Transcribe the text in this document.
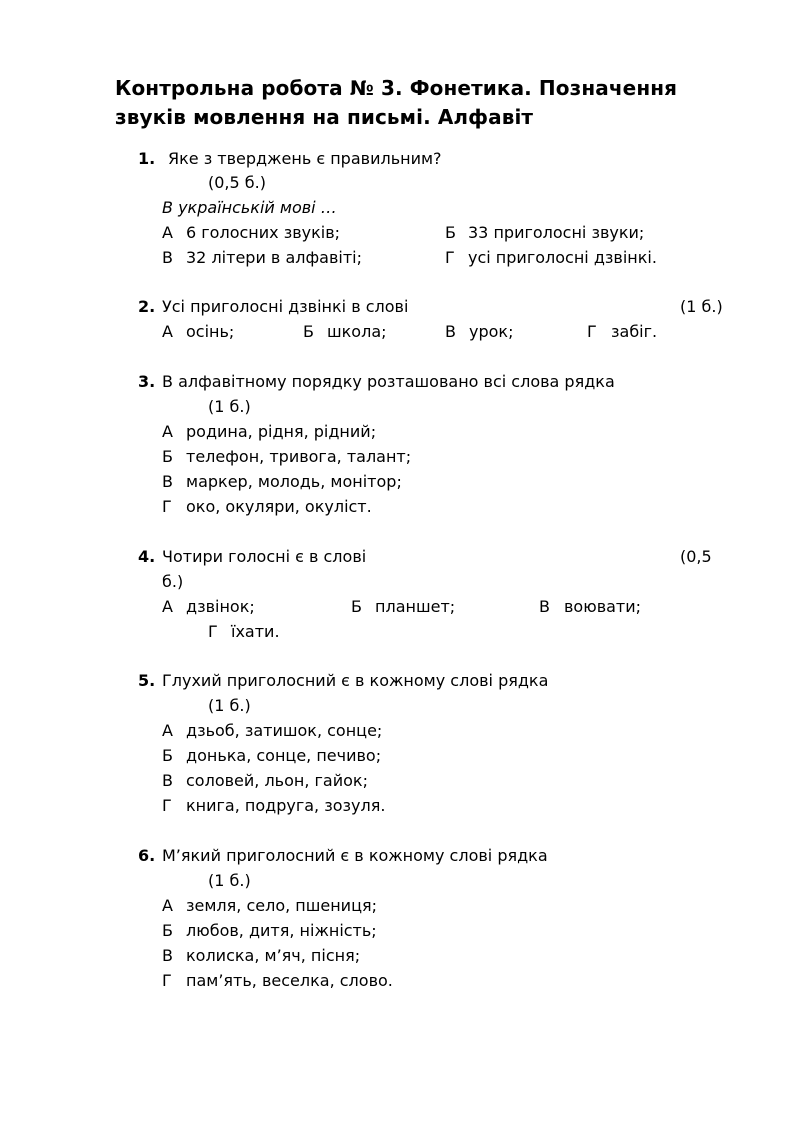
Контрольна робота № 3. Фонетика. Позначення звуків мовлення на письмі. Алфавіт
1. Яке з тверджень є правильним?
(0,5 б.)
В українській мові …
А 6 голосних звуків;	Б 33 приголосні звуки;
В 32 літери в алфавіті;	Г усі приголосні дзвінкі.
2. Усі приголосні дзвінкі в слові	(1 б.)
А осінь;	Б школа;	В урок;	Г забіг.
3. В алфавітному порядку розташовано всі слова рядка
(1 б.)
А родина, рідня, рідний;
Б телефон, тривога, талант;
В маркер, молодь, монітор;
Г око, окуляри, окуліст.
4. Чотири голосні є в слові	(0,5
б.)
А дзвінок;	Б планшет;	В воювати;
Г їхати.
5. Глухий приголосний є в кожному слові рядка
(1 б.)
А дзьоб, затишок, сонце;
Б донька, сонце, печиво;
В соловей, льон, гайок;
Г книга, подруга, зозуля.
6. М’який приголосний є в кожному слові рядка
(1 б.)
А земля, село, пшениця;
Б любов, дитя, ніжність;
В колиска, м’яч, пісня;
Г пам’ять, веселка, слово.
